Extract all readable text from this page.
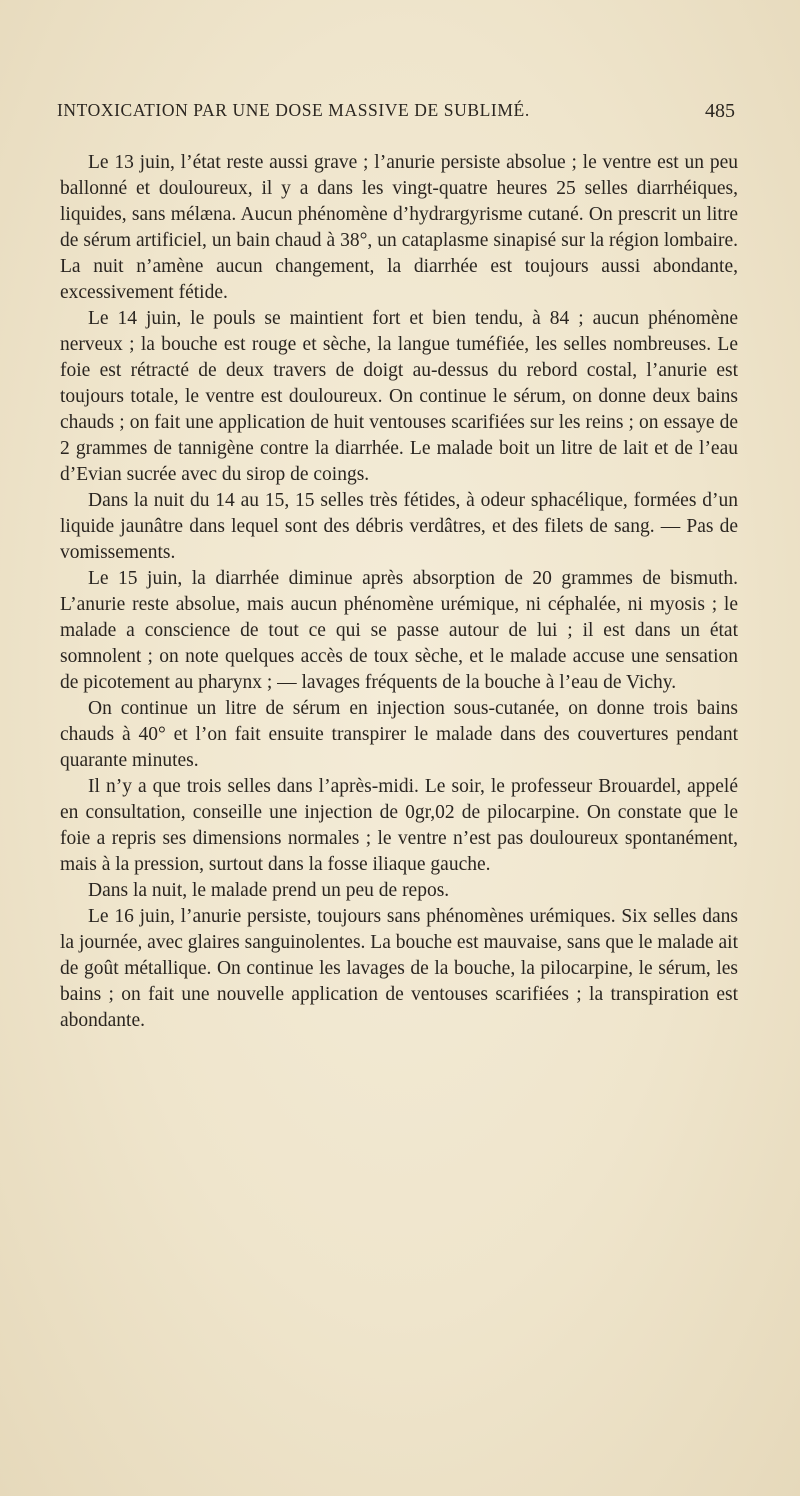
INTOXICATION PAR UNE DOSE MASSIVE DE SUBLIMÉ.	485

Le 13 juin, l’état reste aussi grave ; l’anurie persiste absolue ; le ventre est un peu ballonné et douloureux, il y a dans les vingt-quatre heures 25 selles diarrhéiques, liquides, sans mélæna. Aucun phénomène d’hydrargyrisme cutané. On prescrit un litre de sérum artificiel, un bain chaud à 38°, un cataplasme sinapisé sur la région lombaire. La nuit n’amène aucun changement, la diarrhée est toujours aussi abondante, excessivement fétide.

Le 14 juin, le pouls se maintient fort et bien tendu, à 84 ; aucun phénomène nerveux ; la bouche est rouge et sèche, la langue tuméfiée, les selles nombreuses. Le foie est rétracté de deux travers de doigt au-dessus du rebord costal, l’anurie est toujours totale, le ventre est douloureux. On continue le sérum, on donne deux bains chauds ; on fait une application de huit ventouses scarifiées sur les reins ; on essaye de 2 grammes de tannigène contre la diarrhée. Le malade boit un litre de lait et de l’eau d’Evian sucrée avec du sirop de coings.

Dans la nuit du 14 au 15, 15 selles très fétides, à odeur sphacélique, formées d’un liquide jaunâtre dans lequel sont des débris verdâtres, et des filets de sang. — Pas de vomissements.

Le 15 juin, la diarrhée diminue après absorption de 20 grammes de bismuth. L’anurie reste absolue, mais aucun phénomène urémique, ni céphalée, ni myosis ; le malade a conscience de tout ce qui se passe autour de lui ; il est dans un état somnolent ; on note quelques accès de toux sèche, et le malade accuse une sensation de picotement au pharynx ; — lavages fréquents de la bouche à l’eau de Vichy.

On continue un litre de sérum en injection sous-cutanée, on donne trois bains chauds à 40° et l’on fait ensuite transpirer le malade dans des couvertures pendant quarante minutes.

Il n’y a que trois selles dans l’après-midi. Le soir, le professeur Brouardel, appelé en consultation, conseille une injection de 0gr,02 de pilocarpine. On constate que le foie a repris ses dimensions normales ; le ventre n’est pas douloureux spontanément, mais à la pression, surtout dans la fosse iliaque gauche.

Dans la nuit, le malade prend un peu de repos.

Le 16 juin, l’anurie persiste, toujours sans phénomènes urémiques. Six selles dans la journée, avec glaires sanguinolentes. La bouche est mauvaise, sans que le malade ait de goût métallique. On continue les lavages de la bouche, la pilocarpine, le sérum, les bains ; on fait une nouvelle application de ventouses scarifiées ; la transpiration est abondante.
